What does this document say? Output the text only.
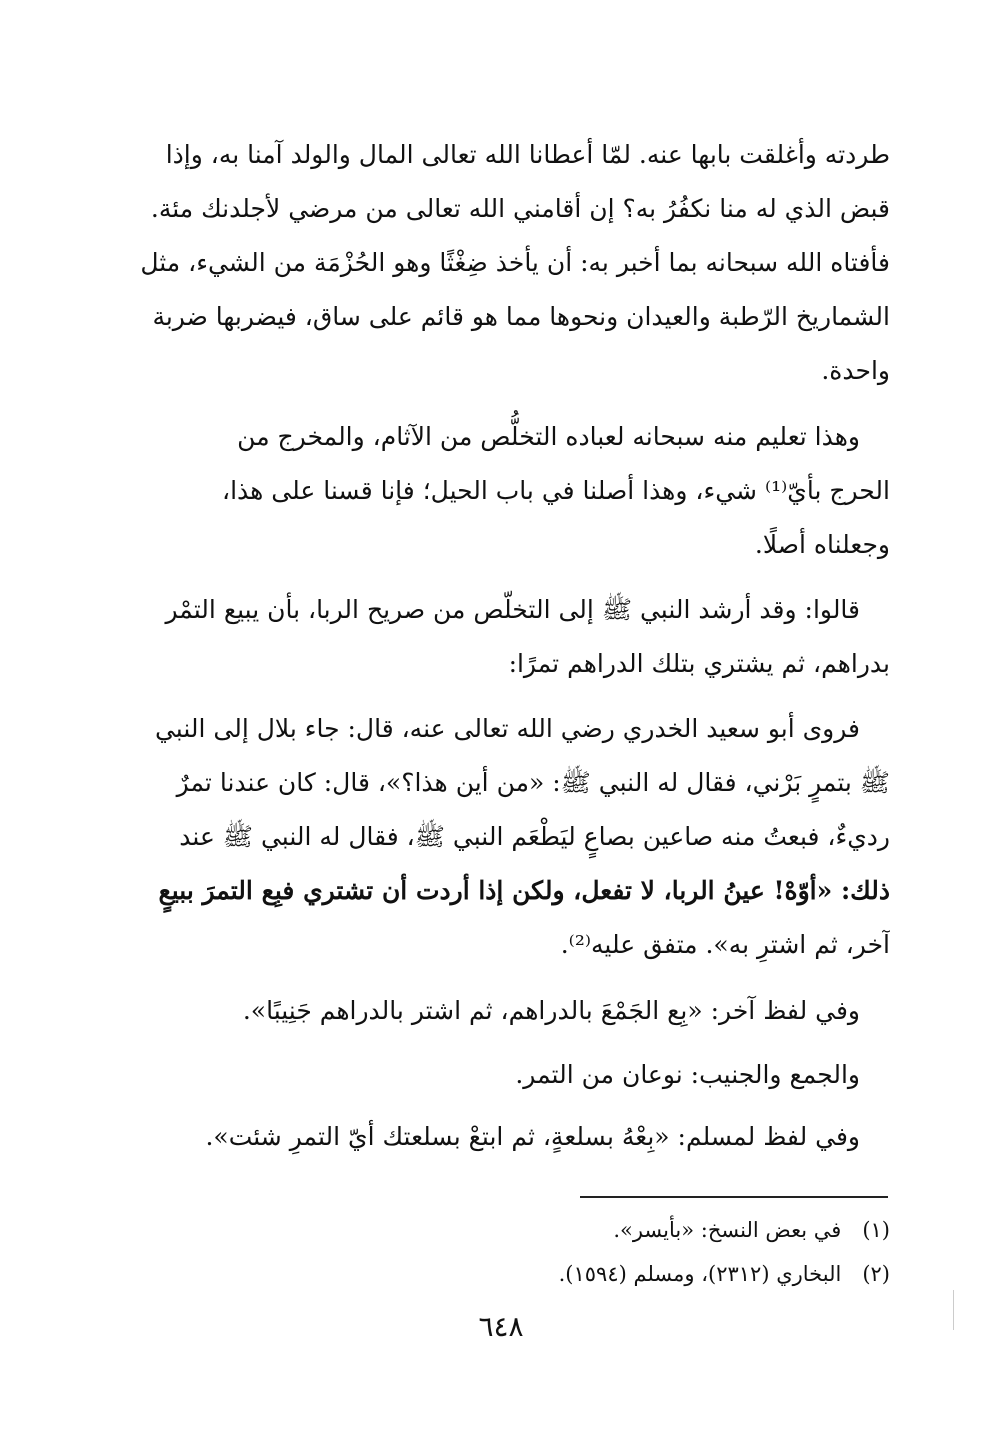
طردته وأغلقت بابها عنه. لمّا أعطانا الله تعالى المال والولد آمنا به، وإذا
قبض الذي له منا نكفُرُ به؟ إن أقامني الله تعالى من مرضي لأجلدنك مئة.
فأفتاه الله سبحانه بما أخبر به: أن يأخذ ضِغْثًا وهو الحُزْمَة من الشيء، مثل
الشماريخ الرّطبة والعيدان ونحوها مما هو قائم على ساق، فيضربها ضربة
واحدة.
وهذا تعليم منه سبحانه لعباده التخلُّص من الآثام، والمخرج من
الحرج بأيّ⁽¹⁾ شيء، وهذا أصلنا في باب الحيل؛ فإنا قسنا على هذا،
وجعلناه أصلًا.
قالوا: وقد أرشد النبي ﷺ إلى التخلّص من صريح الربا، بأن يبيع التمْر
بدراهم، ثم يشتري بتلك الدراهم تمرًا:
فروى أبو سعيد الخدري رضي الله تعالى عنه، قال: جاء بلال إلى النبي
ﷺ بتمرٍ بَرْني، فقال له النبي ﷺ: «من أين هذا؟»، قال: كان عندنا تمرٌ
رديءٌ، فبعتُ منه صاعين بصاعٍ ليَطْعَم النبي ﷺ، فقال له النبي ﷺ عند
ذلك: «أوّهْ! عينُ الربا، لا تفعل، ولكن إذا أردت أن تشتري فبِع التمرَ ببيعٍ
آخر، ثم اشترِ به». متفق عليه⁽²⁾.
وفي لفظ آخر: «بِع الجَمْعَ بالدراهم، ثم اشتر بالدراهم جَنِيبًا».
والجمع والجنيب: نوعان من التمر.
وفي لفظ لمسلم: «بِعْهُ بسلعةٍ، ثم ابتعْ بسلعتك أيّ التمرِ شئت».
(١) في بعض النسخ: «بأيسر».
(٢) البخاري (٢٣١٢)، ومسلم (١٥٩٤).
٦٤٨
